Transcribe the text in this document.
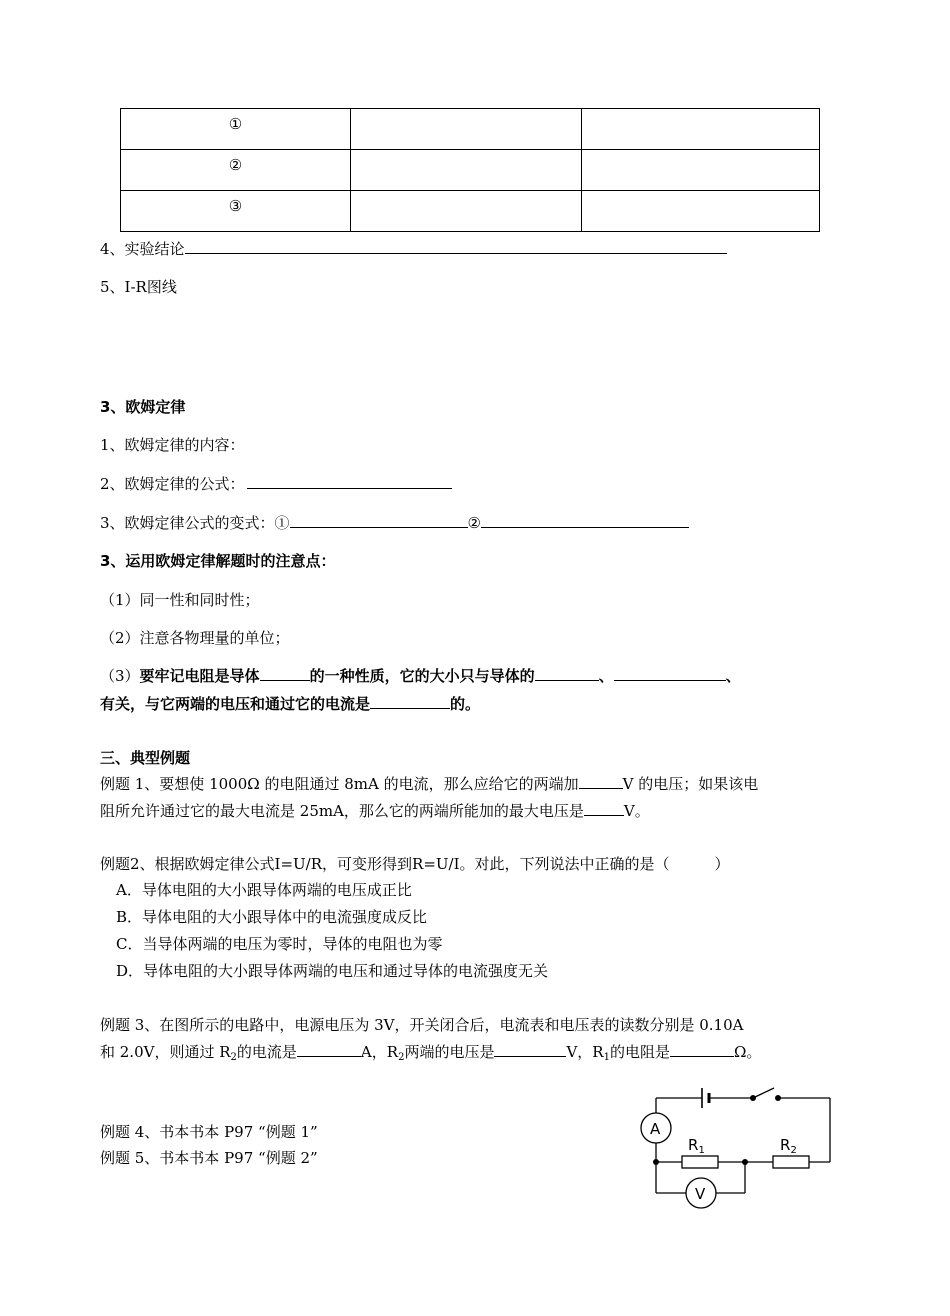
①		
②		
③		
4、实验结论
5、I-R图线
3、欧姆定律
1、欧姆定律的内容：
2、欧姆定律的公式：
3、欧姆定律公式的变式：①	②
3、运用欧姆定律解题时的注意点：
（1）同一性和同时性；
（2）注意各物理量的单位；
（3）要牢记电阻是导体	的一种性质，它的大小只与导体的	、	、
有关，与它两端的电压和通过它的电流是	的。
三、典型例题
例题 1、要想使 1000Ω 的电阻通过 8mA 的电流，那么应给它的两端加	V 的电压；如果该电
阻所允许通过它的最大电流是 25mA，那么它的两端所能加的最大电压是	V。
例题2、根据欧姆定律公式I=U/R，可变形得到R=U/I。对此，下列说法中正确的是（　　　）
A．导体电阻的大小跟导体两端的电压成正比
B．导体电阻的大小跟导体中的电流强度成反比
C．当导体两端的电压为零时，导体的电阻也为零
D．导体电阻的大小跟导体两端的电压和通过导体的电流强度无关
例题 3、在图所示的电路中，电源电压为 3V，开关闭合后，电流表和电压表的读数分别是 0.10A
和 2.0V，则通过 $R_2$的电流是	A，$R_2$两端的电压是	V，$R_1$的电阻是	Ω。
例题 4、书本书本 P97 “例题 1”
例题 5、书本书本 P97 “例题 2”
A
V
$R_1$	$R_2$
